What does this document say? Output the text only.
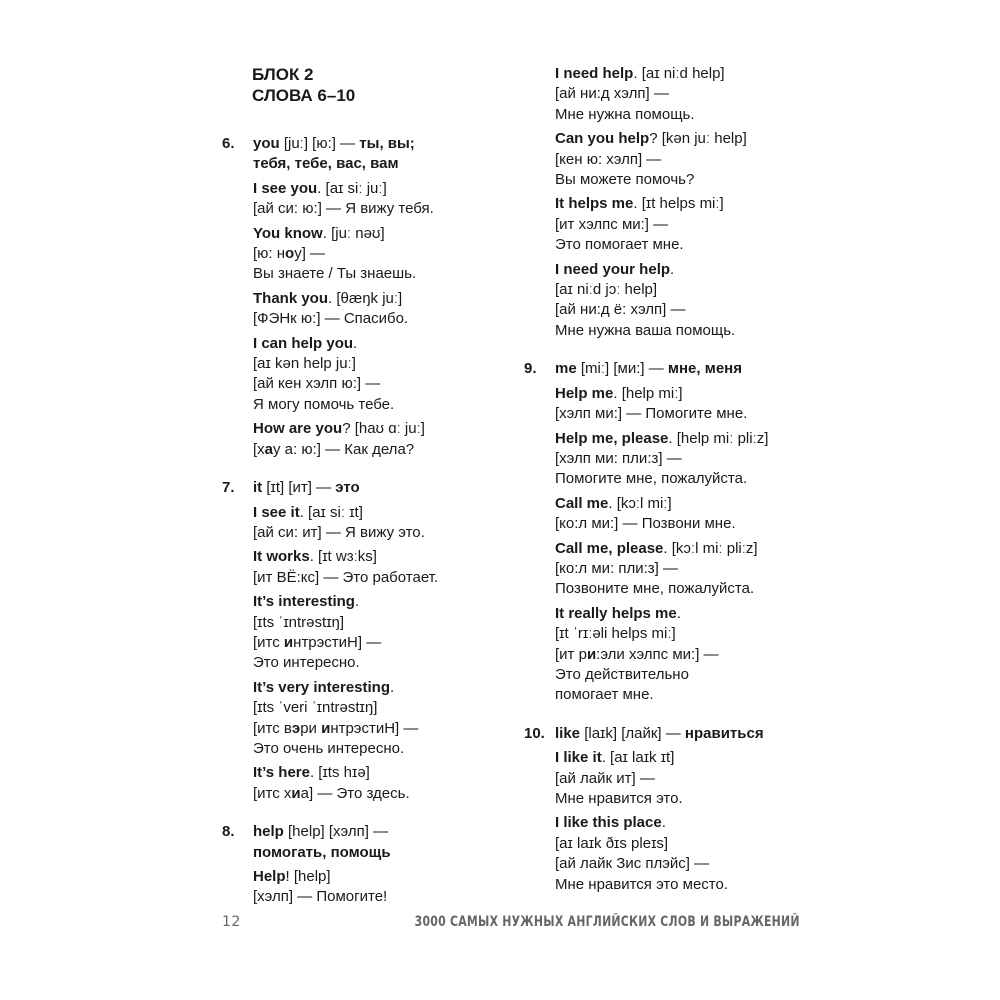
БЛОК 2
СЛОВА 6–10
6. you [juː] [ю:] — ты, вы;
тебя, тебе, вас, вам
I see you. [aɪ siː juː]
[ай си: ю:] — Я вижу тебя.
You know. [juː nəʊ]
[ю: ноу] —
Вы знаете / Ты знаешь.
Thank you. [θæŋk juː]
[ФЭНк ю:] — Спасибо.
I can help you.
[aɪ kən help juː]
[ай кен хэлп ю:] —
Я могу помочь тебе.
How are you? [haʊ ɑː juː]
[хау а: ю:] — Как дела?
7. it [ɪt] [ит] — это
I see it. [aɪ siː ɪt]
[ай си: ит] — Я вижу это.
It works. [ɪt wɜːks]
[ит ВЁ:кс] — Это работает.
It’s interesting.
[ɪts ˈɪntrəstɪŋ]
[итс интрэстиН] —
Это интересно.
It’s very interesting.
[ɪts ˈveri ˈɪntrəstɪŋ]
[итс вэри интрэстиН] —
Это очень интересно.
It’s here. [ɪts hɪə]
[итс хиа] — Это здесь.
8. help [help] [хэлп] —
помогать, помощь
Help! [help]
[хэлп] — Помогите!
I need help. [aɪ niːd help]
[ай ни:д хэлп] —
Мне нужна помощь.
Can you help? [kən juː help]
[кен ю: хэлп] —
Вы можете помочь?
It helps me. [ɪt helps miː]
[ит хэлпс ми:] —
Это помогает мне.
I need your help.
[aɪ niːd jɔː help]
[ай ни:д ё: хэлп] —
Мне нужна ваша помощь.
9. me [miː] [ми:] — мне, меня
Help me. [help miː]
[хэлп ми:] — Помогите мне.
Help me, please. [help miː pliːz]
[хэлп ми: пли:з] —
Помогите мне, пожалуйста.
Call me. [kɔːl miː]
[ко:л ми:] — Позвони мне.
Call me, please. [kɔːl miː pliːz]
[ко:л ми: пли:з] —
Позвоните мне, пожалуйста.
It really helps me.
[ɪt ˈrɪːəli helps miː]
[ит ри:эли хэлпс ми:] —
Это действительно
помогает мне.
10. like [laɪk] [лайк] — нравиться
I like it. [aɪ laɪk ɪt]
[ай лайк ит] —
Мне нравится это.
I like this place.
[aɪ laɪk ðɪs pleɪs]
[ай лайк Зис плэйс] —
Мне нравится это место.
12	3000 САМЫХ НУЖНЫХ АНГЛИЙСКИХ СЛОВ И ВЫРАЖЕНИЙ
